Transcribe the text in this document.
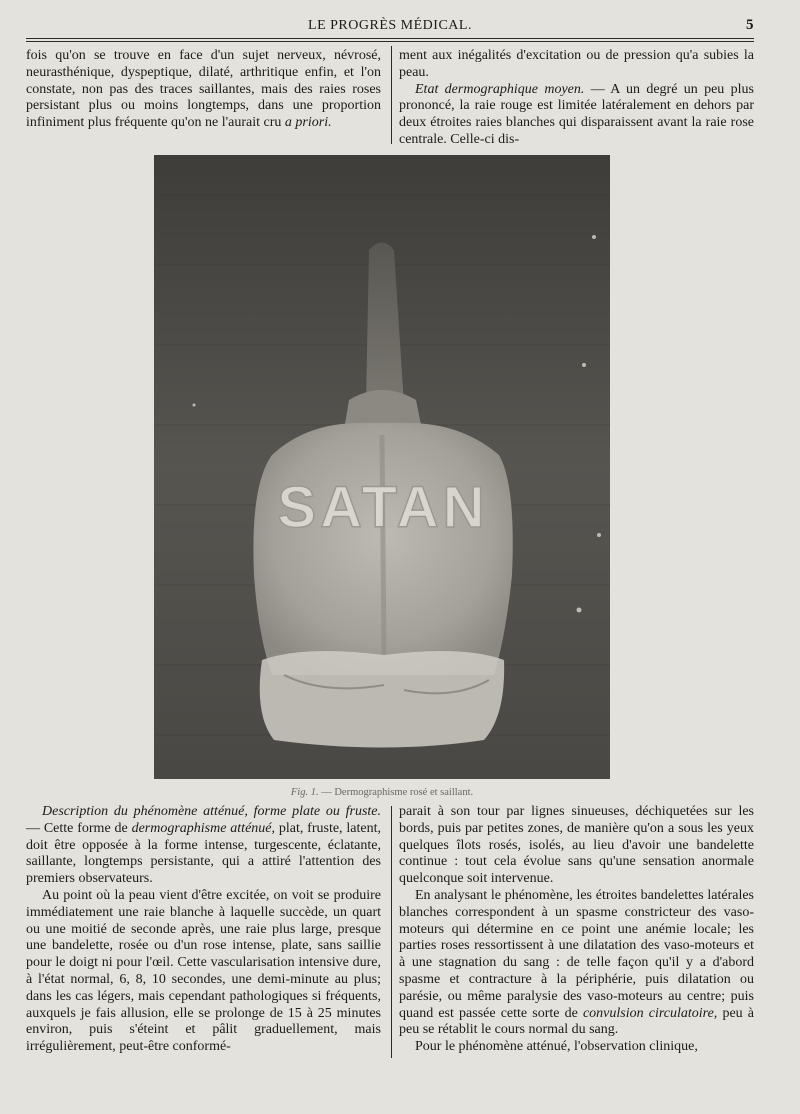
LE PROGRÈS MÉDICAL.	5

fois qu'on se trouve en face d'un sujet nerveux, névrosé, neurasthénique, dyspeptique, dilaté, arthritique enfin, et l'on constate, non pas des traces saillantes, mais des raies roses persistant plus ou moins longtemps, dans une proportion infiniment plus fréquente qu'on ne l'aurait cru a priori.

ment aux inégalités d'excitation ou de pression qu'a subies la peau.

Etat dermographique moyen. — A un degré un peu plus prononcé, la raie rouge est limitée latéralement en dehors par deux étroites raies blanches qui disparaissent avant la raie rose centrale. Celle-ci dis-

SATAN
Fig. 1. — Dermographisme rosé et saillant.

Description du phénomène atténué, forme plate ou fruste. — Cette forme de dermographisme atténué, plat, fruste, latent, doit être opposée à la forme intense, turgescente, éclatante, saillante, longtemps persistante, qui a attiré l'attention des premiers observateurs.

Au point où la peau vient d'être excitée, on voit se produire immédiatement une raie blanche à laquelle succède, un quart ou une moitié de seconde après, une raie plus large, presque une bandelette, rosée ou d'un rose intense, plate, sans saillie pour le doigt ni pour l'œil. Cette vascularisation intensive dure, à l'état normal, 6, 8, 10 secondes, une demi-minute au plus; dans les cas légers, mais cependant pathologiques si fréquents, auxquels je fais allusion, elle se prolonge de 15 à 25 minutes environ, puis s'éteint et pâlit graduellement, mais irrégulièrement, peut-être conformé-

parait à son tour par lignes sinueuses, déchiquetées sur les bords, puis par petites zones, de manière qu'on a sous les yeux quelques îlots rosés, isolés, au lieu d'avoir une bandelette continue : tout cela évolue sans qu'une sensation anormale quelconque soit intervenue.

En analysant le phénomène, les étroites bandelettes latérales blanches correspondent à un spasme constricteur des vaso-moteurs qui détermine en ce point une anémie locale; les parties roses ressortissent à une dilatation des vaso-moteurs et à une stagnation du sang : de telle façon qu'il y a d'abord spasme et contracture à la périphérie, puis dilatation ou parésie, ou même paralysie des vaso-moteurs au centre; puis quand est passée cette sorte de convulsion circulatoire, peu à peu se rétablit le cours normal du sang.

Pour le phénomène atténué, l'observation clinique,
